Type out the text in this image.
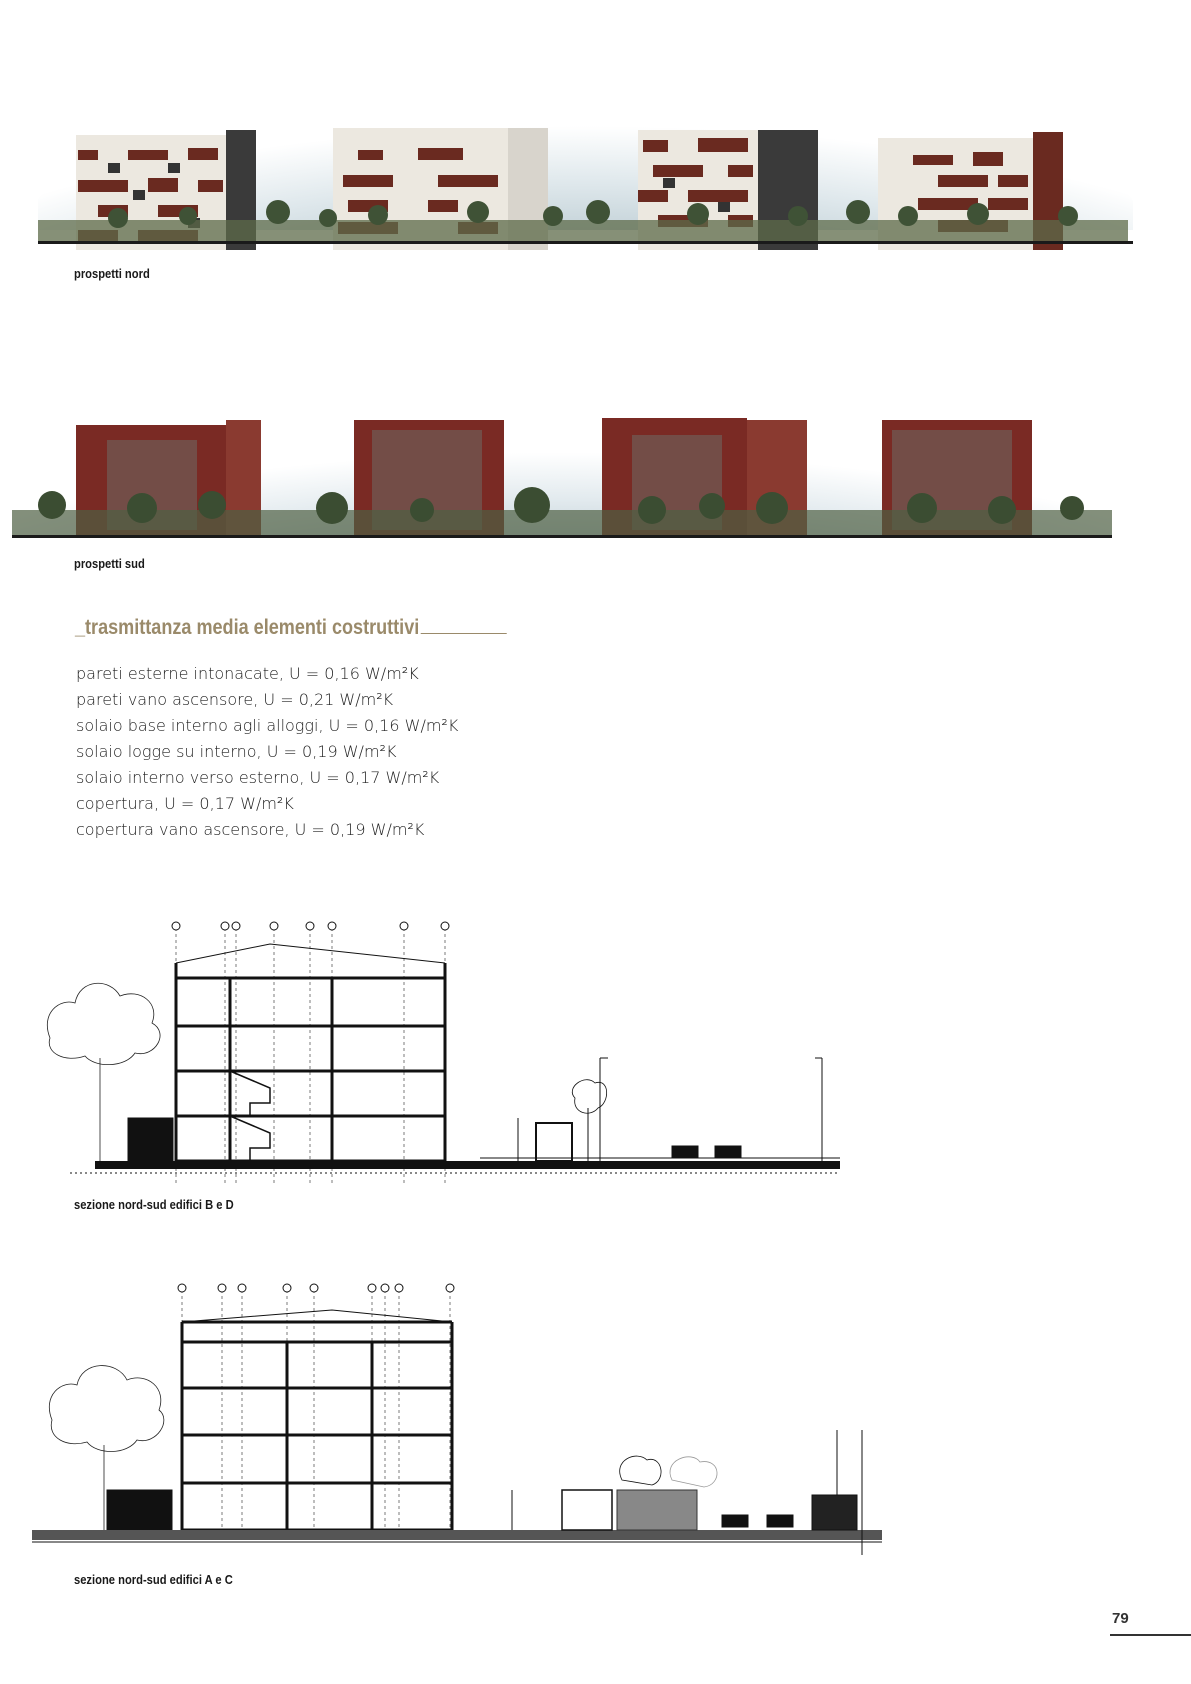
prospetti nord
prospetti sud
_trasmittanza media elementi costruttivi
pareti esterne intonacate, U = 0,16 W/m²K
pareti vano ascensore, U = 0,21 W/m²K
solaio base interno agli alloggi, U = 0,16 W/m²K
solaio logge su interno, U = 0,19 W/m²K
solaio interno verso esterno, U = 0,17 W/m²K
copertura, U = 0,17 W/m²K
copertura vano ascensore, U = 0,19 W/m²K
sezione nord-sud edifici B e D
sezione nord-sud edifici A e C
79
